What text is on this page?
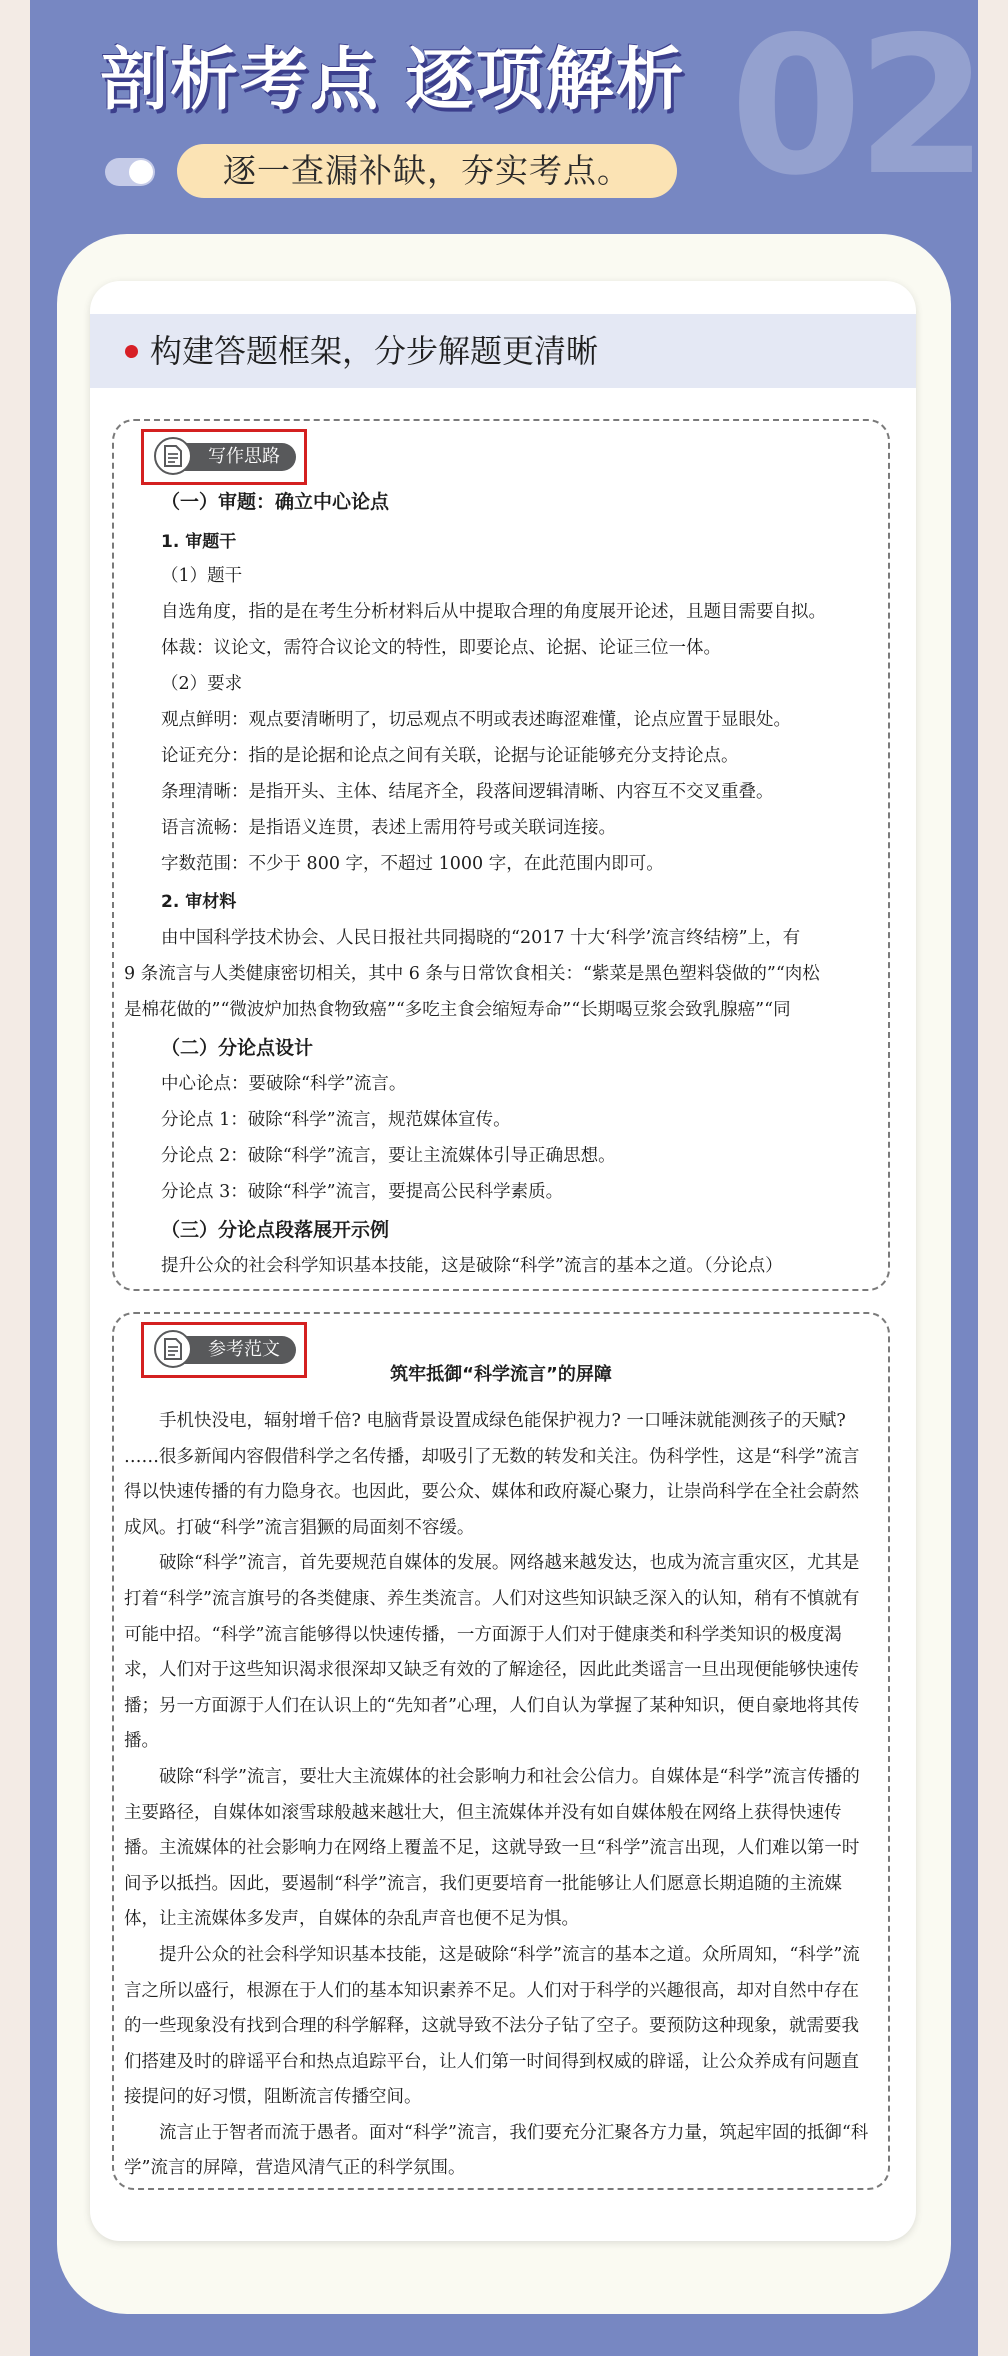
02
剖析考点 逐项解析
逐一查漏补缺，夯实考点。
构建答题框架，分步解题更清晰
写作思路

（一）审题：确立中心论点

1. 审题干

（1）题干

自选角度，指的是在考生分析材料后从中提取合理的角度展开论述，且题目需要自拟。

体裁：议论文，需符合议论文的特性，即要论点、论据、论证三位一体。

（2）要求

观点鲜明：观点要清晰明了，切忌观点不明或表述晦涩难懂，论点应置于显眼处。

论证充分：指的是论据和论点之间有关联，论据与论证能够充分支持论点。

条理清晰：是指开头、主体、结尾齐全，段落间逻辑清晰、内容互不交叉重叠。

语言流畅：是指语义连贯，表述上需用符号或关联词连接。

字数范围：不少于 800 字，不超过 1000 字，在此范围内即可。

2. 审材料

由中国科学技术协会、人民日报社共同揭晓的“2017 十大‘科学’流言终结榜”上，有

9 条流言与人类健康密切相关，其中 6 条与日常饮食相关：“紫菜是黑色塑料袋做的”“肉松

是棉花做的”“微波炉加热食物致癌”“多吃主食会缩短寿命”“长期喝豆浆会致乳腺癌”“同

（二）分论点设计

中心论点：要破除“科学”流言。

分论点 1：破除“科学”流言，规范媒体宣传。

分论点 2：破除“科学”流言，要让主流媒体引导正确思想。

分论点 3：破除“科学”流言，要提高公民科学素质。

（三）分论点段落展开示例

提升公众的社会科学知识基本技能，这是破除“科学”流言的基本之道。（分论点）

参考范文
筑牢抵御“科学流言”的屏障

手机快没电，辐射增千倍? 电脑背景设置成绿色能保护视力? 一口唾沫就能测孩子的天赋? ……很多新闻内容假借科学之名传播，却吸引了无数的转发和关注。伪科学性，这是“科学”流言得以快速传播的有力隐身衣。也因此，要公众、媒体和政府凝心聚力，让崇尚科学在全社会蔚然成风。打破“科学”流言猖獗的局面刻不容缓。

破除“科学”流言，首先要规范自媒体的发展。网络越来越发达，也成为流言重灾区，尤其是打着“科学”流言旗号的各类健康、养生类流言。人们对这些知识缺乏深入的认知，稍有不慎就有可能中招。“科学”流言能够得以快速传播，一方面源于人们对于健康类和科学类知识的极度渴求，人们对于这些知识渴求很深却又缺乏有效的了解途径，因此此类谣言一旦出现便能够快速传播；另一方面源于人们在认识上的“先知者”心理，人们自认为掌握了某种知识，便自豪地将其传播。

破除“科学”流言，要壮大主流媒体的社会影响力和社会公信力。自媒体是“科学”流言传播的主要路径，自媒体如滚雪球般越来越壮大，但主流媒体并没有如自媒体般在网络上获得快速传播。主流媒体的社会影响力在网络上覆盖不足，这就导致一旦“科学”流言出现，人们难以第一时间予以抵挡。因此，要遏制“科学”流言，我们更要培育一批能够让人们愿意长期追随的主流媒体，让主流媒体多发声，自媒体的杂乱声音也便不足为惧。

提升公众的社会科学知识基本技能，这是破除“科学”流言的基本之道。众所周知，“科学”流言之所以盛行，根源在于人们的基本知识素养不足。人们对于科学的兴趣很高，却对自然中存在的一些现象没有找到合理的科学解释，这就导致不法分子钻了空子。要预防这种现象，就需要我们搭建及时的辟谣平台和热点追踪平台，让人们第一时间得到权威的辟谣，让公众养成有问题直接提问的好习惯，阻断流言传播空间。

流言止于智者而流于愚者。面对“科学”流言，我们要充分汇聚各方力量，筑起牢固的抵御“科学”流言的屏障，营造风清气正的科学氛围。
